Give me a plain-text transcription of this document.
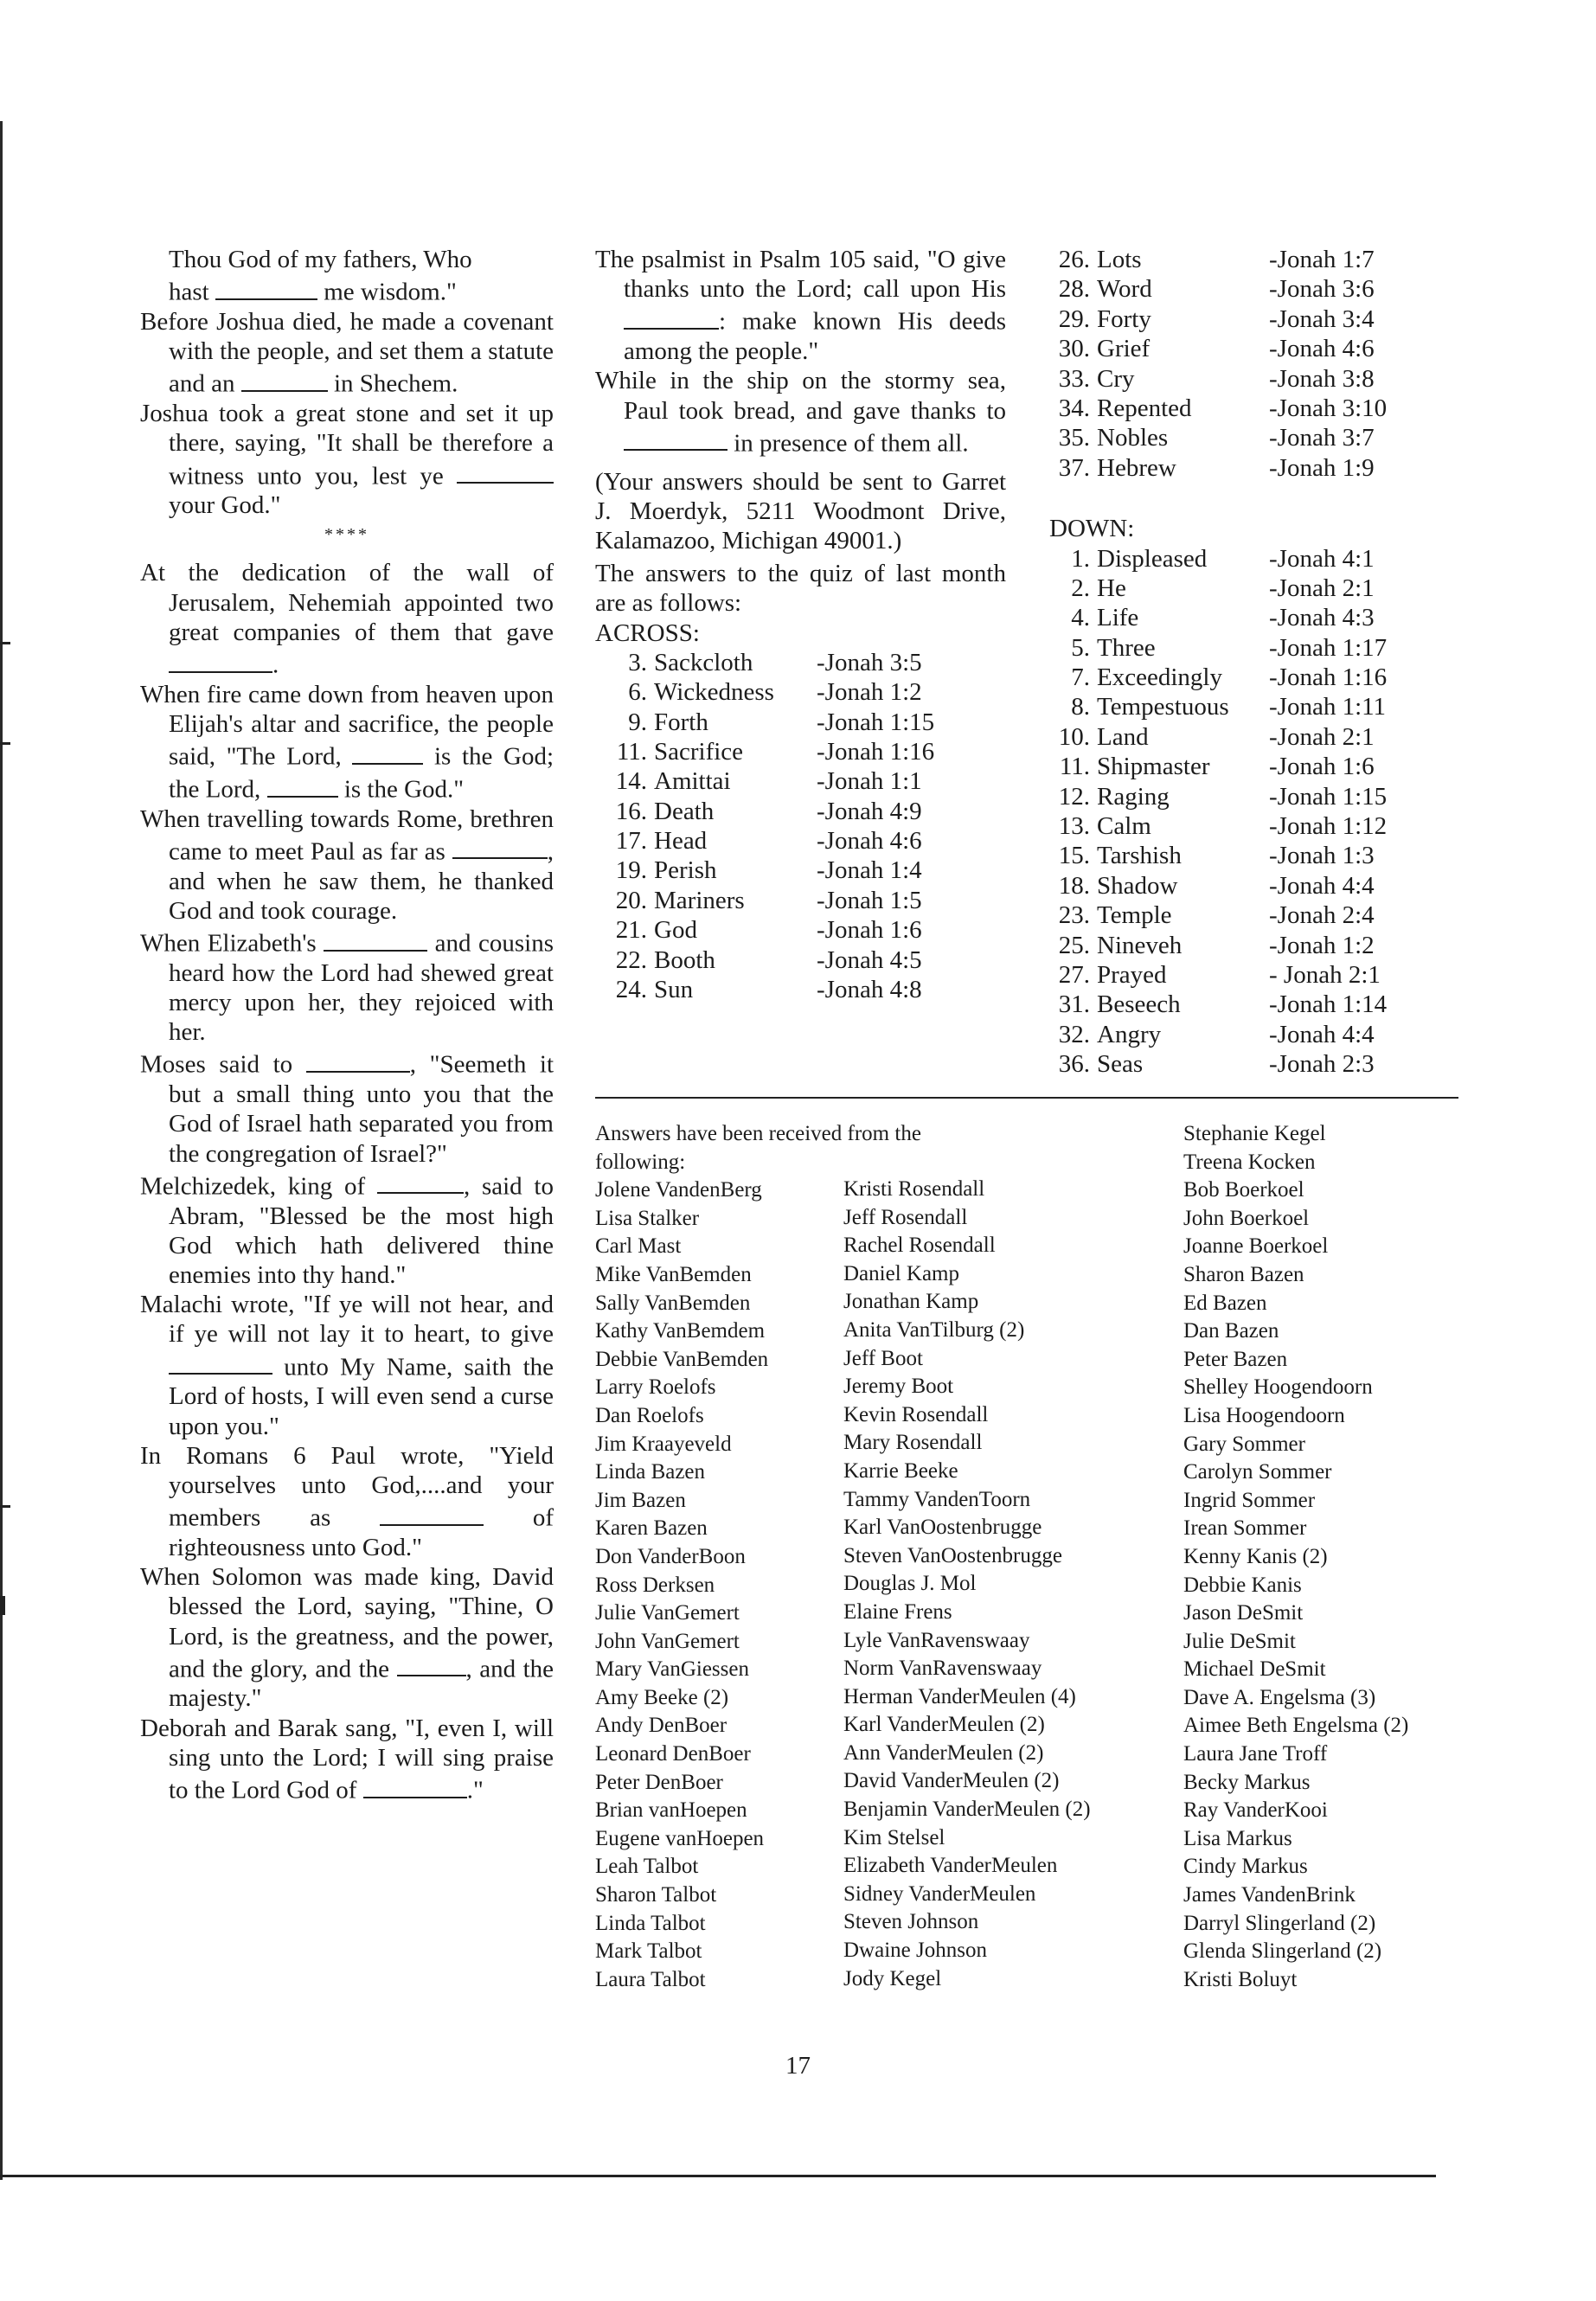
Thou God of my fathers, Who

hast	me wisdom."

Before Joshua died, he made a covenant with the people, and set them a statute and an	in Shechem.

Joshua took a great stone and set it up there, saying, "It shall be therefore a witness unto you, lest ye  your God."

****

At the dedication of the wall of Jerusalem, Nehemiah appointed two great companies of them that gave .

When fire came down from heaven upon Elijah's altar and sacrifice, the people said, "The Lord,	is the God; the Lord,	is the God."

When travelling towards Rome, brethren came to meet Paul as far as	, and when he saw them, he thanked God and took courage.

When Elizabeth's	and cousins heard how the Lord had shewed great mercy upon her, they rejoiced with her.

Moses said to	, "Seemeth it but a small thing unto you that the God of Israel hath separated you from the congregation of Israel?"

Melchizedek, king of	, said to Abram, "Blessed be the most high God which hath delivered thine enemies into thy hand."

Malachi wrote, "If ye will not hear, and if ye will not lay it to heart, to give  unto My Name, saith the Lord of hosts, I will even send a curse upon you."

In Romans 6 Paul wrote, "Yield yourselves unto God,....and your members as	of righteousness unto God."

When Solomon was made king, David blessed the Lord, saying, "Thine, O Lord, is the greatness, and the power, and the glory, and the	, and the majesty."

Deborah and Barak sang, "I, even I, will sing unto the Lord; I will sing praise to the Lord God of	."

The psalmist in Psalm 105 said, "O give thanks unto the Lord; call upon His : make known His deeds among the people."

While in the ship on the stormy sea, Paul took bread, and gave thanks to  in presence of them all.

(Your answers should be sent to Garret J. Moerdyk, 5211 Woodmont Drive, Kalamazoo, Michigan 49001.)

The answers to the quiz of last month are as follows:

ACROSS:

3. Sackcloth	-Jonah 3:5
6. Wickedness -Jonah 1:2
9. Forth	-Jonah 1:15
11. Sacrifice	-Jonah 1:16
14. Amittai	-Jonah 1:1
16. Death	-Jonah 4:9
17. Head	-Jonah 4:6
19. Perish	-Jonah 1:4
20. Mariners	-Jonah 1:5
21. God	-Jonah 1:6
22. Booth	-Jonah 4:5
24. Sun	-Jonah 4:8
26. Lots	-Jonah 1:7
28. Word	-Jonah 3:6
29. Forty	-Jonah 3:4
30. Grief	-Jonah 4:6
33. Cry	-Jonah 3:8
34. Repented	-Jonah 3:10
35. Nobles	-Jonah 3:7
37. Hebrew	-Jonah 1:9
DOWN:
1. Displeased -Jonah 4:1
2. He	-Jonah 2:1
4. Life	-Jonah 4:3
5. Three	-Jonah 1:17
7. Exceedingly -Jonah 1:16
8. Tempestuous -Jonah 1:11
10. Land	-Jonah 2:1
11. Shipmaster -Jonah 1:6
12. Raging	-Jonah 1:15
13. Calm	-Jonah 1:12
15. Tarshish	-Jonah 1:3
18. Shadow	-Jonah 4:4
23. Temple	-Jonah 2:4
25. Nineveh	-Jonah 1:2
27. Prayed	- Jonah 2:1
31. Beseech	-Jonah 1:14
32. Angry	-Jonah 4:4
36. Seas	-Jonah 2:3
Answers have been received from the
following:
Jolene VandenBerg
Lisa Stalker
Carl Mast
Mike VanBemden
Sally VanBemden
Kathy VanBemdem
Debbie VanBemden
Larry Roelofs
Dan Roelofs
Jim Kraayeveld
Linda Bazen
Jim Bazen
Karen Bazen
Don VanderBoon
Ross Derksen
Julie VanGemert
John VanGemert
Mary VanGiessen
Amy Beeke (2)
Andy DenBoer
Leonard DenBoer
Peter DenBoer
Brian vanHoepen
Eugene vanHoepen
Leah Talbot
Sharon Talbot
Linda Talbot
Mark Talbot
Laura Talbot
Kristi Rosendall
Jeff Rosendall
Rachel Rosendall
Daniel Kamp
Jonathan Kamp
Anita VanTilburg (2)
Jeff Boot
Jeremy Boot
Kevin Rosendall
Mary Rosendall
Karrie Beeke
Tammy VandenToorn
Karl VanOostenbrugge
Steven VanOostenbrugge
Douglas J. Mol
Elaine Frens
Lyle VanRavenswaay
Norm VanRavenswaay
Herman VanderMeulen (4)
Karl VanderMeulen (2)
Ann VanderMeulen (2)
David VanderMeulen (2)
Benjamin VanderMeulen (2)
Kim Stelsel
Elizabeth VanderMeulen
Sidney VanderMeulen
Steven Johnson
Dwaine Johnson
Jody Kegel
Stephanie Kegel
Treena Kocken
Bob Boerkoel
John Boerkoel
Joanne Boerkoel
Sharon Bazen
Ed Bazen
Dan Bazen
Peter Bazen
Shelley Hoogendoorn
Lisa Hoogendoorn
Gary Sommer
Carolyn Sommer
Ingrid Sommer
Irean Sommer
Kenny Kanis (2)
Debbie Kanis
Jason DeSmit
Julie DeSmit
Michael DeSmit
Dave A. Engelsma (3)
Aimee Beth Engelsma (2)
Laura Jane Troff
Becky Markus
Ray VanderKooi
Lisa Markus
Cindy Markus
James VandenBrink
Darryl Slingerland (2)
Glenda Slingerland (2)
Kristi Boluyt
17
